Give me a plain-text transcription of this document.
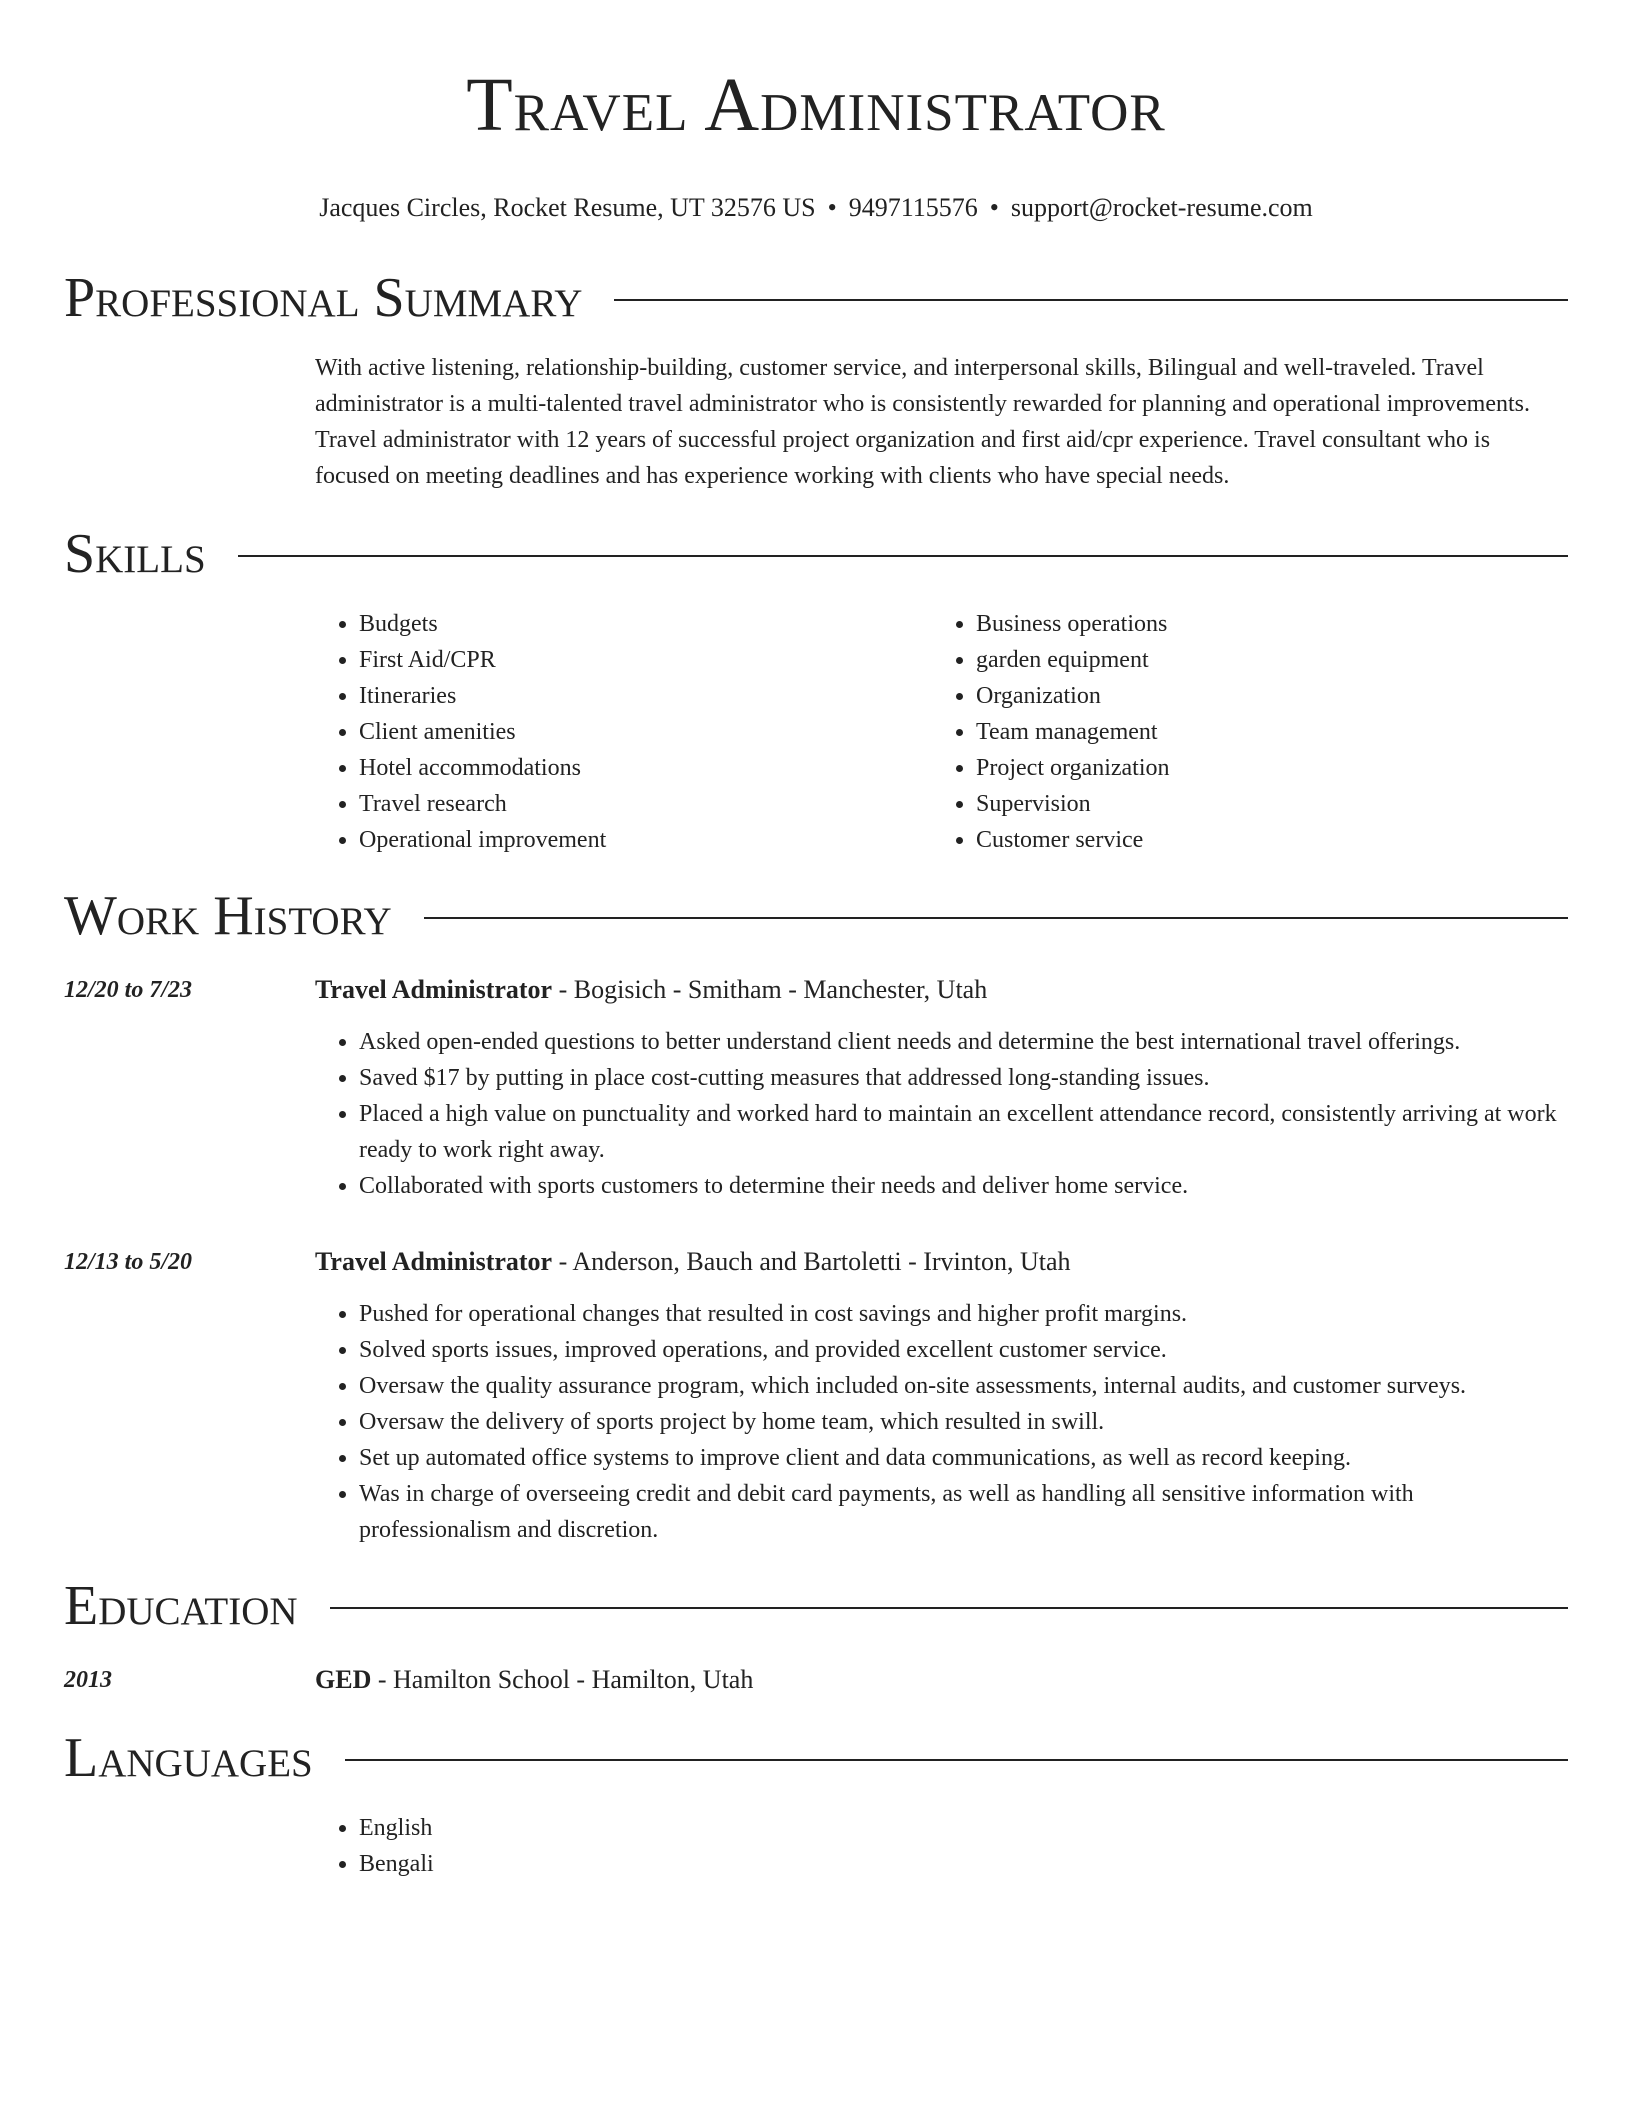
Travel Administrator
Jacques Circles, Rocket Resume, UT 32576 US • 9497115576 • support@rocket-resume.com
Professional Summary
With active listening, relationship-building, customer service, and interpersonal skills, Bilingual and well-traveled. Travel administrator is a multi-talented travel administrator who is consistently rewarded for planning and operational improvements. Travel administrator with 12 years of successful project organization and first aid/cpr experience. Travel consultant who is focused on meeting deadlines and has experience working with clients who have special needs.
Skills
• Budgets
• First Aid/CPR
• Itineraries
• Client amenities
• Hotel accommodations
• Travel research
• Operational improvement
• Business operations
• garden equipment
• Organization
• Team management
• Project organization
• Supervision
• Customer service
Work History
12/20 to 7/23	Travel Administrator - Bogisich - Smitham - Manchester, Utah
• Asked open-ended questions to better understand client needs and determine the best international travel offerings.
• Saved $17 by putting in place cost-cutting measures that addressed long-standing issues.
• Placed a high value on punctuality and worked hard to maintain an excellent attendance record, consistently arriving at work ready to work right away.
• Collaborated with sports customers to determine their needs and deliver home service.
12/13 to 5/20	Travel Administrator - Anderson, Bauch and Bartoletti - Irvinton, Utah
• Pushed for operational changes that resulted in cost savings and higher profit margins.
• Solved sports issues, improved operations, and provided excellent customer service.
• Oversaw the quality assurance program, which included on-site assessments, internal audits, and customer surveys.
• Oversaw the delivery of sports project by home team, which resulted in swill.
• Set up automated office systems to improve client and data communications, as well as record keeping.
• Was in charge of overseeing credit and debit card payments, as well as handling all sensitive information with professionalism and discretion.
Education
2013	GED - Hamilton School - Hamilton, Utah
Languages
• English
• Bengali
